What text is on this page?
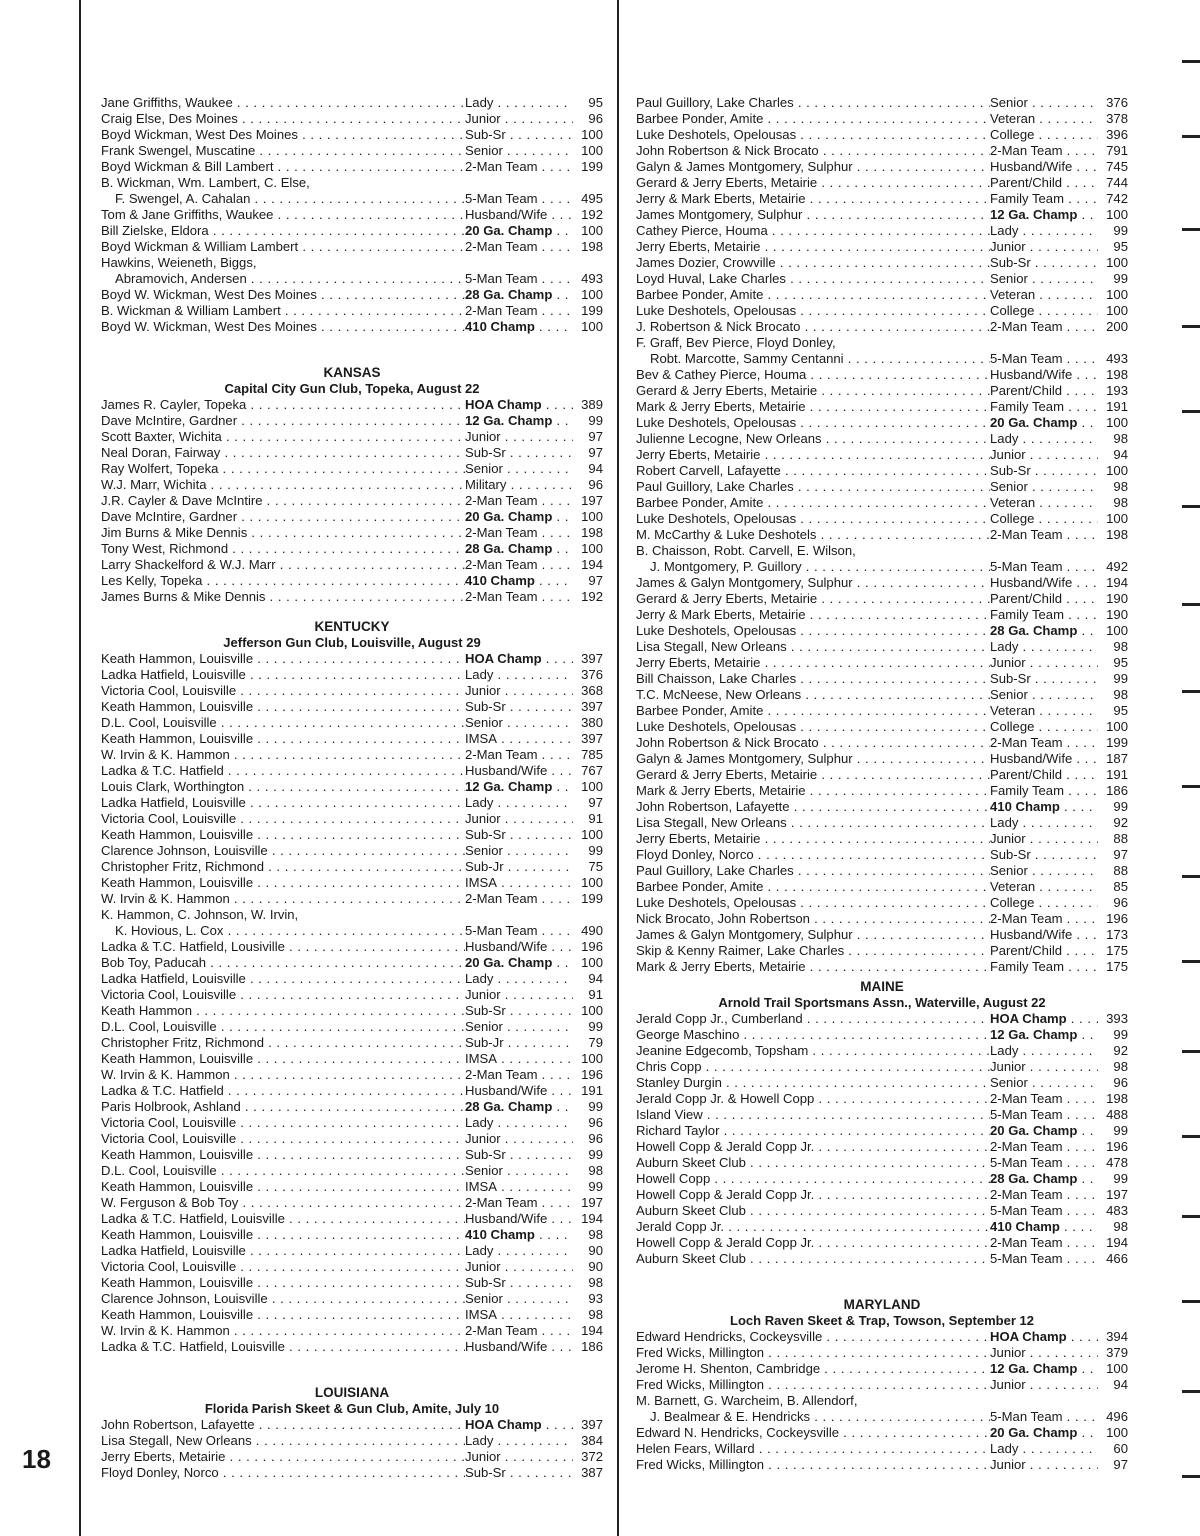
Jane Griffiths, Waukee . . .	Lady . . .	95
Craig Else, Des Moines . . .	Junior . . .	96
Boyd Wickman, West Des Moines . . .	Sub-Sr . . .	100
Frank Swengel, Muscatine . . .	Senior . . .	100
Boyd Wickman & Bill Lambert . . .	2-Man Team . . .	199
B. Wickman, Wm. Lambert, C. Else,
F. Swengel, A. Cahalan . . .	5-Man Team . . .	495
Tom & Jane Griffiths, Waukee . . .	Husband/Wife . . .	192
Bill Zielske, Eldora . . .	20 Ga. Champ . . .	100
Boyd Wickman & William Lambert . . .	2-Man Team . . .	198
Hawkins, Weieneth, Biggs,
Abramovich, Andersen . . .	5-Man Team . . .	493
Boyd W. Wickman, West Des Moines . . .	28 Ga. Champ . . .	100
B. Wickman & William Lambert . . .	2-Man Team . . .	199
Boyd W. Wickman, West Des Moines . . .	410 Champ . . .	100
KANSAS
Capital City Gun Club, Topeka, August 22
James R. Cayler, Topeka . . .	HOA Champ . . .	389
Dave McIntire, Gardner . . .	12 Ga. Champ . . .	99
Scott Baxter, Wichita . . .	Junior . . .	97
Neal Doran, Fairway . . .	Sub-Sr . . .	97
Ray Wolfert, Topeka . . .	Senior . . .	94
W.J. Marr, Wichita . . .	Military . . .	96
J.R. Cayler & Dave McIntire . . .	2-Man Team . . .	197
Dave McIntire, Gardner . . .	20 Ga. Champ . . .	100
Jim Burns & Mike Dennis . . .	2-Man Team . . .	198
Tony West, Richmond . . .	28 Ga. Champ . . .	100
Larry Shackelford & W.J. Marr . . .	2-Man Team . . .	194
Les Kelly, Topeka . . .	410 Champ . . .	97
James Burns & Mike Dennis . . .	2-Man Team . . .	192
KENTUCKY
Jefferson Gun Club, Louisville, August 29
Keath Hammon, Louisville . . .	HOA Champ . . .	397
Ladka Hatfield, Louisville . . .	Lady . . .	376
Victoria Cool, Louisville . . .	Junior . . .	368
Keath Hammon, Louisville . . .	Sub-Sr . . .	397
D.L. Cool, Louisville . . .	Senior . . .	380
Keath Hammon, Louisville . . .	IMSA . . .	397
W. Irvin & K. Hammon . . .	2-Man Team . . .	785
Ladka & T.C. Hatfield . . .	Husband/Wife . . .	767
Louis Clark, Worthington . . .	12 Ga. Champ . . .	100
Ladka Hatfield, Louisville . . .	Lady . . .	97
Victoria Cool, Louisville . . .	Junior . . .	91
Keath Hammon, Louisville . . .	Sub-Sr . . .	100
Clarence Johnson, Louisville . . .	Senior . . .	99
Christopher Fritz, Richmond . . .	Sub-Jr . . .	75
Keath Hammon, Louisville . . .	IMSA . . .	100
W. Irvin & K. Hammon . . .	2-Man Team . . .	199
K. Hammon, C. Johnson, W. Irvin,
K. Hovious, L. Cox . . .	5-Man Team . . .	490
Ladka & T.C. Hatfield, Lousiville . . .	Husband/Wife . . .	196
Bob Toy, Paducah . . .	20 Ga. Champ . . .	100
Ladka Hatfield, Louisville . . .	Lady . . .	94
Victoria Cool, Louisville . . .	Junior . . .	91
Keath Hammon . . .	Sub-Sr . . .	100
D.L. Cool, Louisville . . .	Senior . . .	99
Christopher Fritz, Richmond . . .	Sub-Jr . . .	79
Keath Hammon, Louisville . . .	IMSA . . .	100
W. Irvin & K. Hammon . . .	2-Man Team . . .	196
Ladka & T.C. Hatfield . . .	Husband/Wife . . .	191
Paris Holbrook, Ashland . . .	28 Ga. Champ . . .	99
Victoria Cool, Louisville . . .	Lady . . .	96
Victoria Cool, Louisville . . .	Junior . . .	96
Keath Hammon, Louisville . . .	Sub-Sr . . .	99
D.L. Cool, Louisville . . .	Senior . . .	98
Keath Hammon, Louisville . . .	IMSA . . .	99
W. Ferguson & Bob Toy . . .	2-Man Team . . .	197
Ladka & T.C. Hatfield, Louisville . . .	Husband/Wife . . .	194
Keath Hammon, Louisville . . .	410 Champ . . .	98
Ladka Hatfield, Louisville . . .	Lady . . .	90
Victoria Cool, Louisville . . .	Junior . . .	90
Keath Hammon, Louisville . . .	Sub-Sr . . .	98
Clarence Johnson, Louisville . . .	Senior . . .	93
Keath Hammon, Louisville . . .	IMSA . . .	98
W. Irvin & K. Hammon . . .	2-Man Team . . .	194
Ladka & T.C. Hatfield, Louisville . . .	Husband/Wife . . .	186
LOUISIANA
Florida Parish Skeet & Gun Club, Amite, July 10
John Robertson, Lafayette . . .	HOA Champ . . .	397
Lisa Stegall, New Orleans . . .	Lady . . .	384
Jerry Eberts, Metairie . . .	Junior . . .	372
Floyd Donley, Norco . . .	Sub-Sr . . .	387
Paul Guillory, Lake Charles . . .	Senior . . .	376
Barbee Ponder, Amite . . .	Veteran . . .	378
Luke Deshotels, Opelousas . . .	College . . .	396
John Robertson & Nick Brocato . . .	2-Man Team . . .	791
Galyn & James Montgomery, Sulphur . . .	Husband/Wife . . .	745
Gerard & Jerry Eberts, Metairie . . .	Parent/Child . . .	744
Jerry & Mark Eberts, Metairie . . .	Family Team . . .	742
James Montgomery, Sulphur . . .	12 Ga. Champ . . .	100
Cathey Pierce, Houma . . .	Lady . . .	99
Jerry Eberts, Metairie . . .	Junior . . .	95
James Dozier, Crowville . . .	Sub-Sr . . .	100
Loyd Huval, Lake Charles . . .	Senior . . .	99
Barbee Ponder, Amite . . .	Veteran . . .	100
Luke Deshotels, Opelousas . . .	College . . .	100
J. Robertson & Nick Brocato . . .	2-Man Team . . .	200
F. Graff, Bev Pierce, Floyd Donley,
Robt. Marcotte, Sammy Centanni . . .	5-Man Team . . .	493
Bev & Cathey Pierce, Houma . . .	Husband/Wife . . .	198
Gerard & Jerry Eberts, Metairie . . .	Parent/Child . . .	193
Mark & Jerry Eberts, Metairie . . .	Family Team . . .	191
Luke Deshotels, Opelousas . . .	20 Ga. Champ . . .	100
Julienne Lecogne, New Orleans . . .	Lady . . .	98
Jerry Eberts, Metairie . . .	Junior . . .	94
Robert Carvell, Lafayette . . .	Sub-Sr . . .	100
Paul Guillory, Lake Charles . . .	Senior . . .	98
Barbee Ponder, Amite . . .	Veteran . . .	98
Luke Deshotels, Opelousas . . .	College . . .	100
M. McCarthy & Luke Deshotels . . .	2-Man Team . . .	198
B. Chaisson, Robt. Carvell, E. Wilson,
J. Montgomery, P. Guillory . . .	5-Man Team . . .	492
James & Galyn Montgomery, Sulphur . . .	Husband/Wife . . .	194
Gerard & Jerry Eberts, Metairie . . .	Parent/Child . . .	190
Jerry & Mark Eberts, Metairie . . .	Family Team . . .	190
Luke Deshotels, Opelousas . . .	28 Ga. Champ . . .	100
Lisa Stegall, New Orleans . . .	Lady . . .	98
Jerry Eberts, Metairie . . .	Junior . . .	95
Bill Chaisson, Lake Charles . . .	Sub-Sr . . .	99
T.C. McNeese, New Orleans . . .	Senior . . .	98
Barbee Ponder, Amite . . .	Veteran . . .	95
Luke Deshotels, Opelousas . . .	College . . .	100
John Robertson & Nick Brocato . . .	2-Man Team . . .	199
Galyn & James Montgomery, Sulphur . . .	Husband/Wife . . .	187
Gerard & Jerry Eberts, Metairie . . .	Parent/Child . . .	191
Mark & Jerry Eberts, Metairie . . .	Family Team . . .	186
John Robertson, Lafayette . . .	410 Champ . . .	99
Lisa Stegall, New Orleans . . .	Lady . . .	92
Jerry Eberts, Metairie . . .	Junior . . .	88
Floyd Donley, Norco . . .	Sub-Sr . . .	97
Paul Guillory, Lake Charles . . .	Senior . . .	88
Barbee Ponder, Amite . . .	Veteran . . .	85
Luke Deshotels, Opelousas . . .	College . . .	96
Nick Brocato, John Robertson . . .	2-Man Team . . .	196
James & Galyn Montgomery, Sulphur . . .	Husband/Wife . . .	173
Skip & Kenny Raimer, Lake Charles . . .	Parent/Child . . .	175
Mark & Jerry Eberts, Metairie . . .	Family Team . . .	175
MAINE
Arnold Trail Sportsmans Assn., Waterville, August 22
Jerald Copp Jr., Cumberland . . .	HOA Champ . . .	393
George Maschino . . .	12 Ga. Champ . . .	99
Jeanine Edgecomb, Topsham . . .	Lady . . .	92
Chris Copp . . .	Junior . . .	98
Stanley Durgin . . .	Senior . . .	96
Jerald Copp Jr. & Howell Copp . . .	2-Man Team . . .	198
Island View . . .	5-Man Team . . .	488
Richard Taylor . . .	20 Ga. Champ . . .	99
Howell Copp & Jerald Copp Jr. . . .	2-Man Team . . .	196
Auburn Skeet Club . . .	5-Man Team . . .	478
Howell Copp . . .	28 Ga. Champ . . .	99
Howell Copp & Jerald Copp Jr. . . .	2-Man Team . . .	197
Auburn Skeet Club . . .	5-Man Team . . .	483
Jerald Copp Jr. . . .	410 Champ . . .	98
Howell Copp & Jerald Copp Jr. . . .	2-Man Team . . .	194
Auburn Skeet Club . . .	5-Man Team . . .	466
MARYLAND
Loch Raven Skeet & Trap, Towson, September 12
Edward Hendricks, Cockeysville . . .	HOA Champ . . .	394
Fred Wicks, Millington . . .	Junior . . .	379
Jerome H. Shenton, Cambridge . . .	12 Ga. Champ . . .	100
Fred Wicks, Millington . . .	Junior . . .	94
M. Barnett, G. Warcheim, B. Allendorf,
J. Bealmear & E. Hendricks . . .	5-Man Team . . .	496
Edward N. Hendricks, Cockeysville . . .	20 Ga. Champ . . .	100
Helen Fears, Willard . . .	Lady . . .	60
Fred Wicks, Millington . . .	Junior . . .	97
18
